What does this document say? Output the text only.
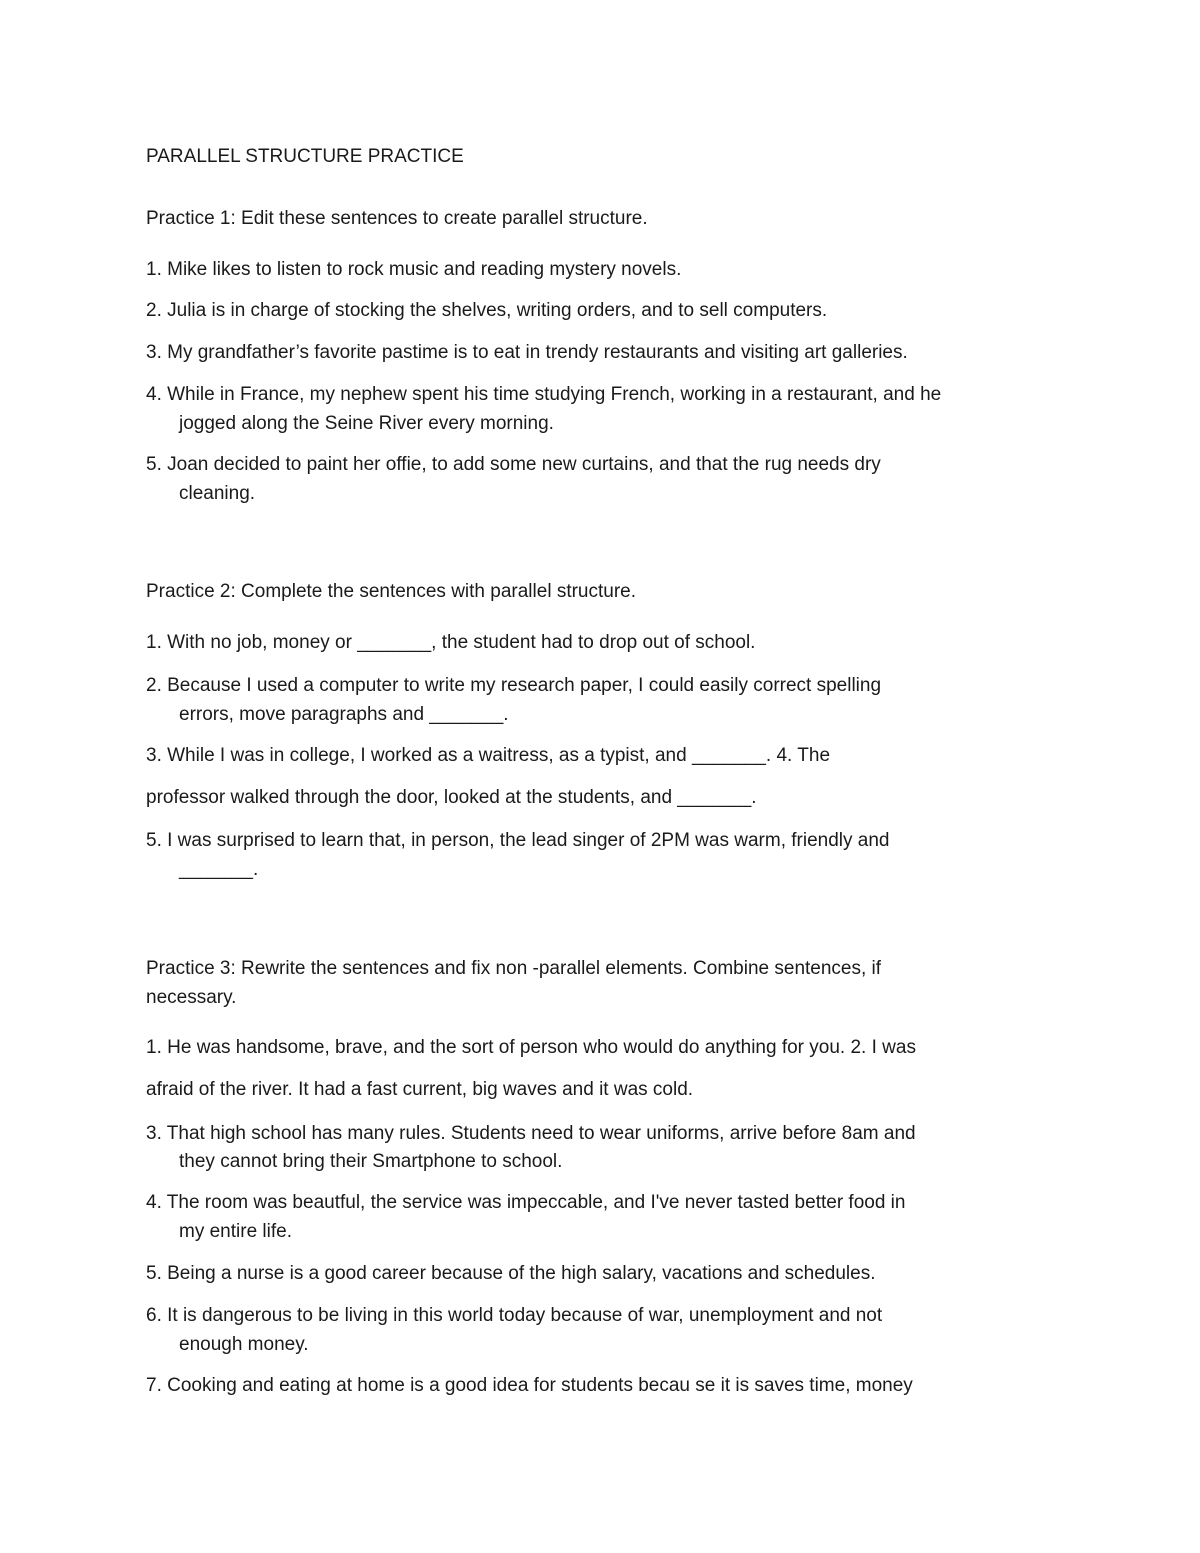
PARALLEL STRUCTURE PRACTICE
Practice 1: Edit these sentences to create parallel structure.
1. Mike likes to listen to rock music and reading mystery novels.
2. Julia is in charge of stocking the shelves, writing orders, and to sell computers.
3. My grandfather’s favorite pastime is to eat in trendy restaurants and visiting art galleries.
4. While in France, my nephew spent his time studying French, working in a restaurant, and he
jogged along the Seine River every morning.
5. Joan decided to paint her offie, to add some new curtains, and that the rug needs dry
cleaning.
Practice 2: Complete the sentences with parallel structure.
1. With no job, money or _______, the student had to drop out of school.
2. Because I used a computer to write my research paper, I could easily correct spelling
errors, move paragraphs and _______.
3. While I was in college, I worked as a waitress, as a typist, and _______. 4. The
professor walked through the door, looked at the students, and _______.
5. I was surprised to learn that, in person, the lead singer of 2PM was warm, friendly and
_______.
Practice 3: Rewrite the sentences and fix non -parallel elements. Combine sentences, if
necessary.
1. He was handsome, brave, and the sort of person who would do anything for you. 2. I was
afraid of the river. It had a fast current, big waves and it was cold.
3. That high school has many rules. Students need to wear uniforms, arrive before 8am and
they cannot bring their Smartphone to school.
4. The room was beautful, the service was impeccable, and I've never tasted better food in
my entire life.
5. Being a nurse is a good career because of the high salary, vacations and schedules.
6. It is dangerous to be living in this world today because of war, unemployment and not
enough money.
7. Cooking and eating at home is a good idea for students becau se it is saves time, money
